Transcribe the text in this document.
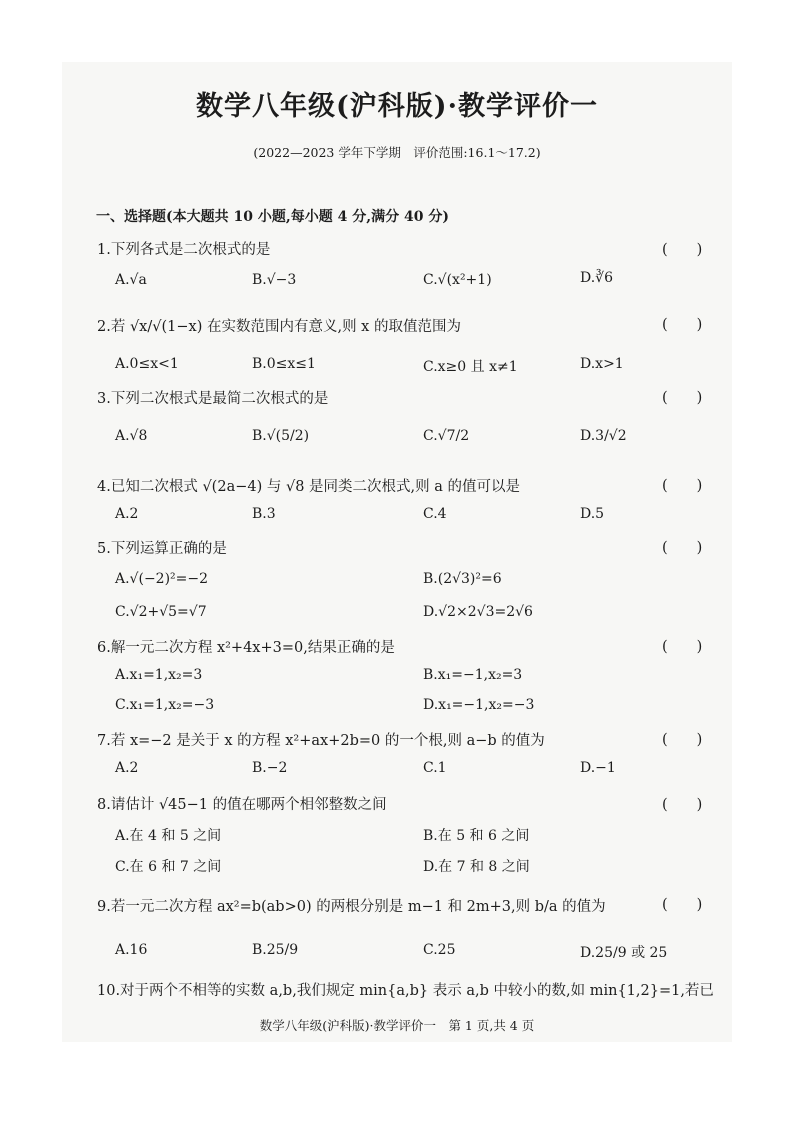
数学八年级(沪科版)·教学评价一
(2022—2023 学年下学期　评价范围:16.1～17.2)
一、选择题(本大题共 10 小题,每小题 4 分,满分 40 分)
1.下列各式是二次根式的是	(　　)
A.√a	B.√−3	C.√(x²+1)	D.∛6
2.若 √x/√(1−x) 在实数范围内有意义,则 x 的取值范围为	(　　)
A.0≤x<1	B.0≤x≤1	C.x≥0 且 x≠1	D.x>1
3.下列二次根式是最简二次根式的是	(　　)
A.√8	B.√(5/2)	C.√7/2	D.3/√2
4.已知二次根式 √(2a−4) 与 √8 是同类二次根式,则 a 的值可以是	(　　)
A.2	B.3	C.4	D.5
5.下列运算正确的是	(　　)
A.√(−2)²=−2	B.(2√3)²=6
C.√2+√5=√7	D.√2×2√3=2√6
6.解一元二次方程 x²+4x+3=0,结果正确的是	(　　)
A.x₁=1,x₂=3	B.x₁=−1,x₂=3
C.x₁=1,x₂=−3	D.x₁=−1,x₂=−3
7.若 x=−2 是关于 x 的方程 x²+ax+2b=0 的一个根,则 a−b 的值为	(　　)
A.2	B.−2	C.1	D.−1
8.请估计 √45−1 的值在哪两个相邻整数之间	(　　)
A.在 4 和 5 之间	B.在 5 和 6 之间
C.在 6 和 7 之间	D.在 7 和 8 之间
9.若一元二次方程 ax²=b(ab>0) 的两根分别是 m−1 和 2m+3,则 b/a 的值为	(　　)
A.16	B.25/9	C.25	D.25/9 或 25
10.对于两个不相等的实数 a,b,我们规定 min{a,b} 表示 a,b 中较小的数,如 min{1,2}=1,若已
数学八年级(沪科版)·教学评价一　第 1 页,共 4 页
